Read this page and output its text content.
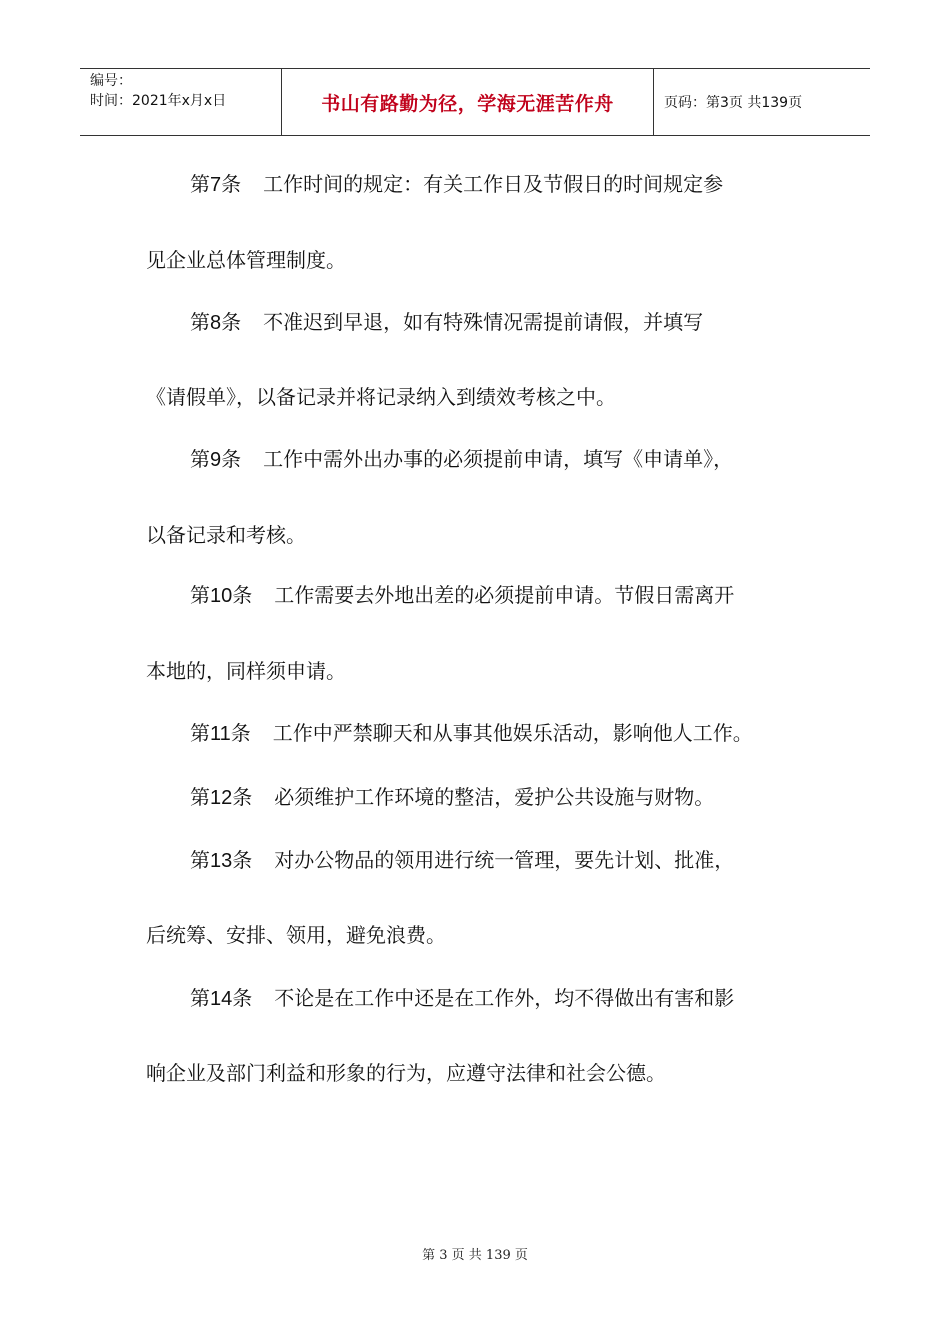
编号：
时间：2021年x月x日	书山有路勤为径，学海无涯苦作舟	页码：第3页 共139页
第7条 工作时间的规定：有关工作日及节假日的时间规定参
见企业总体管理制度。
第8条 不准迟到早退，如有特殊情况需提前请假，并填写
《请假单》，以备记录并将记录纳入到绩效考核之中。
第9条 工作中需外出办事的必须提前申请，填写《申请单》，
以备记录和考核。
第10条 工作需要去外地出差的必须提前申请。节假日需离开
本地的，同样须申请。
第11条 工作中严禁聊天和从事其他娱乐活动，影响他人工作。
第12条 必须维护工作环境的整洁，爱护公共设施与财物。
第13条 对办公物品的领用进行统一管理，要先计划、批准，
后统筹、安排、领用，避免浪费。
第14条 不论是在工作中还是在工作外，均不得做出有害和影
响企业及部门利益和形象的行为，应遵守法律和社会公德。
第 3 页 共 139 页
